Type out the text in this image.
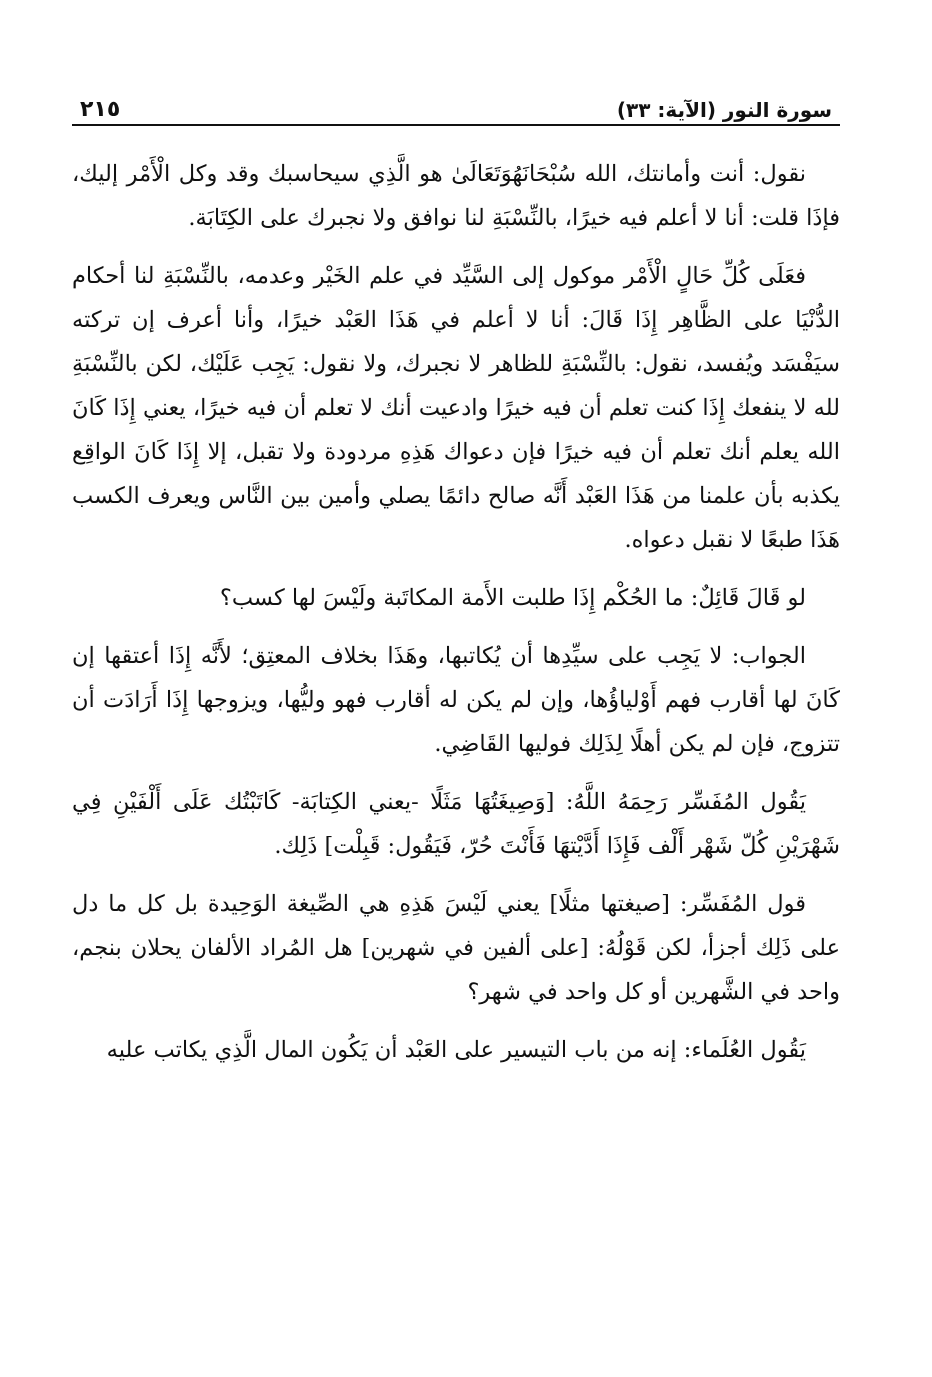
سورة النور (الآية: ٣٣)
٢١٥

نقول: أنت وأمانتك، الله سُبْحَانَهُوَتَعَالَىٰ هو الَّذِي سيحاسبك وقد وكل الْأَمْر إليك، فإذَا قلت: أنا لا أعلم فيه خيرًا، بالنِّسْبَةِ لنا نوافق ولا نجبرك على الكِتَابَة.

فعَلَى كُلِّ حَالٍ الْأَمْر موكول إلى السَّيِّد في علم الخَيْر وعدمه، بالنِّسْبَةِ لنا أحكام الدُّنْيَا على الظَّاهِر إِذَا قَالَ: أنا لا أعلم في هَذَا العَبْد خيرًا، وأنا أعرف إن تركته سيَفْسَد ويُفسد، نقول: بالنِّسْبَةِ للظاهر لا نجبرك، ولا نقول: يَجِب عَلَيْك، لكن بالنِّسْبَةِ لله لا ينفعك إِذَا كنت تعلم أن فيه خيرًا وادعيت أنك لا تعلم أن فيه خيرًا، يعني إِذَا كَانَ الله يعلم أنك تعلم أن فيه خيرًا فإن دعواك هَذِهِ مردودة ولا تقبل، إلا إِذَا كَانَ الواقِع يكذبه بأن علمنا من هَذَا العَبْد أَنَّه صالح دائمًا يصلي وأمين بين النَّاس ويعرف الكسب هَذَا طبعًا لا نقبل دعواه.

لو قَالَ قَائِلٌ: ما الحُكْم إِذَا طلبت الأَمة المكاتَبة ولَيْسَ لها كسب؟

الجواب: لا يَجِب على سيِّدِها أن يُكاتبها، وهَذَا بخلاف المعتِق؛ لأَنَّه إِذَا أعتقها إن كَانَ لها أقارب فهم أَوْلياؤُها، وإن لم يكن له أقارب فهو وليُّها، ويزوجها إِذَا أَرَادَت أن تتزوج، فإن لم يكن أهلًا لِذَلِك فوليها القَاضِي.

يَقُول المُفَسِّر رَحِمَهُ اللَّهُ: [وَصِيغَتُهَا مَثَلًا -يعني الكِتابَة- كَاتَبْتُك عَلَى أَلْفَيْنِ فِي شَهْرَيْنِ كُلّ شَهْر أَلْف فَإِذَا أَدَّيْتهَا فَأَنْتَ حُرّ، فَيَقُول: قَبِلْت] ذَلِك.

قول المُفَسِّر: [صيغتها مثلًا] يعني لَيْسَ هَذِهِ هي الصِّيغة الوَحِيدة بل كل ما دل على ذَلِك أجزأ، لكن قَوْلُهُ: [على ألفين في شهرين] هل المُراد الألفان يحلان بنجم، واحد في الشَّهرين أو كل واحد في شهر؟

يَقُول العُلَماء: إنه من باب التيسير على العَبْد أن يَكُون المال الَّذِي يكاتب عليه
